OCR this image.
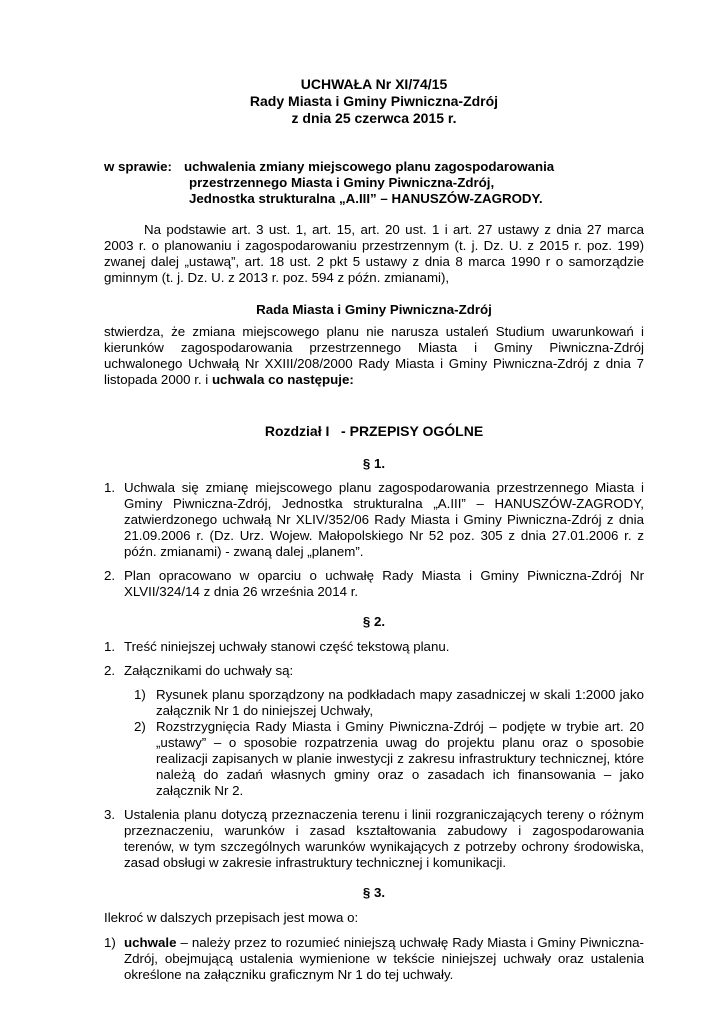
UCHWAŁA Nr XI/74/15
Rady Miasta i Gminy Piwniczna-Zdrój
z dnia 25 czerwca 2015 r.
w sprawie: uchwalenia zmiany miejscowego planu zagospodarowania
przestrzennego Miasta i Gminy Piwniczna-Zdrój,
Jednostka strukturalna „A.III” – HANUSZÓW-ZAGRODY.

Na podstawie art. 3 ust. 1, art. 15, art. 20 ust. 1 i art. 27 ustawy z dnia 27 marca 2003 r. o planowaniu i zagospodarowaniu przestrzennym (t. j. Dz. U. z 2015 r. poz. 199) zwanej dalej „ustawą”, art. 18 ust. 2 pkt 5 ustawy z dnia 8 marca 1990 r o samorządzie gminnym (t. j. Dz. U. z 2013 r. poz. 594 z późn. zmianami),

Rada Miasta i Gminy Piwniczna-Zdrój

stwierdza, że zmiana miejscowego planu nie narusza ustaleń Studium uwarunkowań i kierunków zagospodarowania przestrzennego Miasta i Gminy Piwniczna-Zdrój uchwalonego Uchwałą Nr XXIII/208/2000 Rady Miasta i Gminy Piwniczna-Zdrój z dnia 7 listopada 2000 r. i uchwala co następuje:

Rozdział I   - PRZEPISY OGÓLNE
§ 1.
1. Uchwala się zmianę miejscowego planu zagospodarowania przestrzennego Miasta i Gminy Piwniczna-Zdrój, Jednostka strukturalna „A.III” – HANUSZÓW-ZAGRODY, zatwierdzonego uchwałą Nr XLIV/352/06 Rady Miasta i Gminy Piwniczna-Zdrój z dnia 21.09.2006 r. (Dz. Urz. Wojew. Małopolskiego Nr 52 poz. 305 z dnia 27.01.2006 r. z późn. zmianami) - zwaną dalej „planem”.
2. Plan opracowano w oparciu o uchwałę Rady Miasta i Gminy Piwniczna-Zdrój Nr XLVII/324/14 z dnia 26 września 2014 r.
§ 2.
1. Treść niniejszej uchwały stanowi część tekstową planu.
2. Załącznikami do uchwały są:
1) Rysunek planu sporządzony na podkładach mapy zasadniczej w skali 1:2000 jako załącznik Nr 1 do niniejszej Uchwały,
2) Rozstrzygnięcia Rady Miasta i Gminy Piwniczna-Zdrój – podjęte w trybie art. 20 „ustawy” – o sposobie rozpatrzenia uwag do projektu planu oraz o sposobie realizacji zapisanych w planie inwestycji z zakresu infrastruktury technicznej, które należą do zadań własnych gminy oraz o zasadach ich finansowania – jako załącznik Nr 2.
3. Ustalenia planu dotyczą przeznaczenia terenu i linii rozgraniczających tereny o różnym przeznaczeniu, warunków i zasad kształtowania zabudowy i zagospodarowania terenów, w tym szczególnych warunków wynikających z potrzeby ochrony środowiska, zasad obsługi w zakresie infrastruktury technicznej i komunikacji.
§ 3.

Ilekroć w dalszych przepisach jest mowa o:

1) uchwale – należy przez to rozumieć niniejszą uchwałę Rady Miasta i Gminy Piwniczna-Zdrój, obejmującą ustalenia wymienione w tekście niniejszej uchwały oraz ustalenia określone na załączniku graficznym Nr 1 do tej uchwały.
